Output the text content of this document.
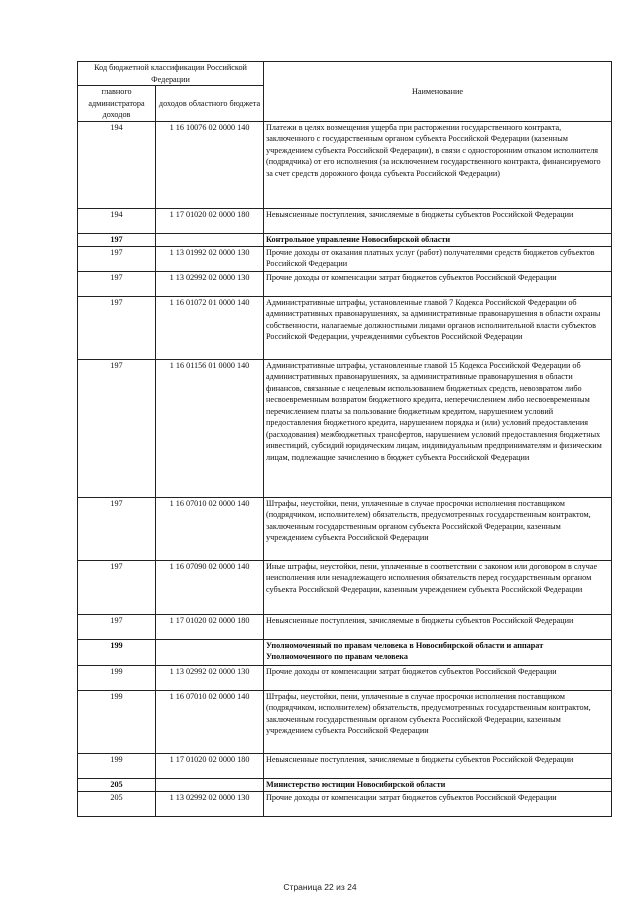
Код бюджетной классификации Российской Федерации		Наименование
главного администратора доходов	доходов областного бюджета	
194	1 16 10076 02 0000 140	Платежи в целях возмещения ущерба при расторжении государственного контракта, заключенного с государственным органом субъекта Российской Федерации (казенным учреждением субъекта Российской Федерации), в связи с односторонним отказом исполнителя (подрядчика) от его исполнения (за исключением государственного контракта, финансируемого за счет средств дорожного фонда субъекта Российской Федерации)
194	1 17 01020 02 0000 180	Невыясненные поступления, зачисляемые в бюджеты субъектов Российской Федерации
197		Контрольное управление Новосибирской области
197	1 13 01992 02 0000 130	Прочие доходы от оказания платных услуг (работ) получателями средств бюджетов субъектов Российской Федерации
197	1 13 02992 02 0000 130	Прочие доходы от компенсации затрат бюджетов субъектов Российской Федерации
197	1 16 01072 01 0000 140	Административные штрафы, установленные главой 7 Кодекса Российской Федерации об административных правонарушениях, за административные правонарушения в области охраны собственности, налагаемые должностными лицами органов исполнительной власти субъектов Российской Федерации, учреждениями субъектов Российской Федерации
197	1 16 01156 01 0000 140	Административные штрафы, установленные главой 15 Кодекса Российской Федерации об административных правонарушениях, за административные правонарушения в области финансов, связанные с нецелевым использованием бюджетных средств, невозвратом либо несвоевременным возвратом бюджетного кредита, неперечислением либо несвоевременным перечислением платы за пользование бюджетным кредитом, нарушением условий предоставления бюджетного кредита, нарушением порядка и (или) условий предоставления (расходования) межбюджетных трансфертов, нарушением условий предоставления бюджетных инвестиций, субсидий юридическим лицам, индивидуальным предпринимателям и физическим лицам, подлежащие зачислению в бюджет субъекта Российской Федерации
197	1 16 07010 02 0000 140	Штрафы, неустойки, пени, уплаченные в случае просрочки исполнения поставщиком (подрядчиком, исполнителем) обязательств, предусмотренных государственным контрактом, заключенным государственным органом субъекта Российской Федерации, казенным учреждением субъекта Российской Федерации
197	1 16 07090 02 0000 140	Иные штрафы, неустойки, пени, уплаченные в соответствии с законом или договором в случае неисполнения или ненадлежащего исполнения обязательств перед государственным органом субъекта Российской Федерации, казенным учреждением субъекта Российской Федерации
197	1 17 01020 02 0000 180	Невыясненные поступления, зачисляемые в бюджеты субъектов Российской Федерации
199		Уполномоченный по правам человека в Новосибирской области и аппарат Уполномоченного по правам человека
199	1 13 02992 02 0000 130	Прочие доходы от компенсации затрат бюджетов субъектов Российской Федерации
199	1 16 07010 02 0000 140	Штрафы, неустойки, пени, уплаченные в случае просрочки исполнения поставщиком (подрядчиком, исполнителем) обязательств, предусмотренных государственным контрактом, заключенным государственным органом субъекта Российской Федерации, казенным учреждением субъекта Российской Федерации
199	1 17 01020 02 0000 180	Невыясненные поступления, зачисляемые в бюджеты субъектов Российской Федерации
205		Министерство юстиции Новосибирской области
205	1 13 02992 02 0000 130	Прочие доходы от компенсации затрат бюджетов субъектов Российской Федерации
Страница 22 из 24
